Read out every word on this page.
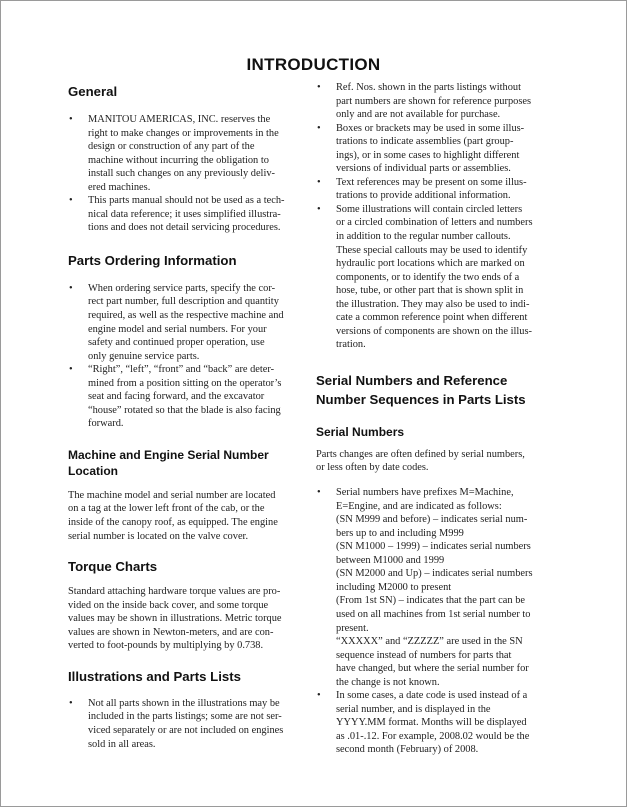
INTRODUCTION
General
• MANITOU AMERICAS, INC. reserves the
right to make changes or improvements in the
design or construction of any part of the
machine without incurring the obligation to
install such changes on any previously deliv-
ered machines.
• This parts manual should not be used as a tech-
nical data reference; it uses simplified illustra-
tions and does not detail servicing procedures.
Parts Ordering Information
• When ordering service parts, specify the cor-
rect part number, full description and quantity
required, as well as the respective machine and
engine model and serial numbers. For your
safety and continued proper operation, use
only genuine service parts.
• “Right”, “left”, “front” and “back” are deter-
mined from a position sitting on the operator’s
seat and facing forward, and the excavator
“house” rotated so that the blade is also facing
forward.
Machine and Engine Serial Number
Location

The machine model and serial number are located
on a tag at the lower left front of the cab, or the
inside of the canopy roof, as equipped. The engine
serial number is located on the valve cover.

Torque Charts

Standard attaching hardware torque values are pro-
vided on the inside back cover, and some torque
values may be shown in illustrations. Metric torque
values are shown in Newton-meters, and are con-
verted to foot-pounds by multiplying by 0.738.

Illustrations and Parts Lists
• Not all parts shown in the illustrations may be
included in the parts listings; some are not ser-
viced separately or are not included on engines
sold in all areas.
• Ref. Nos. shown in the parts listings without
part numbers are shown for reference purposes
only and are not available for purchase.
• Boxes or brackets may be used in some illus-
trations to indicate assemblies (part group-
ings), or in some cases to highlight different
versions of individual parts or assemblies.
• Text references may be present on some illus-
trations to provide additional information.
• Some illustrations will contain circled letters
or a circled combination of letters and numbers
in addition to the regular number callouts.
These special callouts may be used to identify
hydraulic port locations which are marked on
components, or to identify the two ends of a
hose, tube, or other part that is shown split in
the illustration. They may also be used to indi-
cate a common reference point when different
versions of components are shown on the illus-
tration.
Serial Numbers and Reference
Number Sequences in Parts Lists
Serial Numbers

Parts changes are often defined by serial numbers,
or less often by date codes.

• Serial numbers have prefixes M=Machine,
E=Engine, and are indicated as follows:
(SN M999 and before) – indicates serial num-
bers up to and including M999
(SN M1000 – 1999) – indicates serial numbers
between M1000 and 1999
(SN M2000 and Up) – indicates serial numbers
including M2000 to present
(From 1st SN) – indicates that the part can be
used on all machines from 1st serial number to
present.
“XXXXX” and “ZZZZZ” are used in the SN
sequence instead of numbers for parts that
have changed, but where the serial number for
the change is not known.
• In some cases, a date code is used instead of a
serial number, and is displayed in the
YYYY.MM format. Months will be displayed
as .01-.12. For example, 2008.02 would be the
second month (February) of 2008.
